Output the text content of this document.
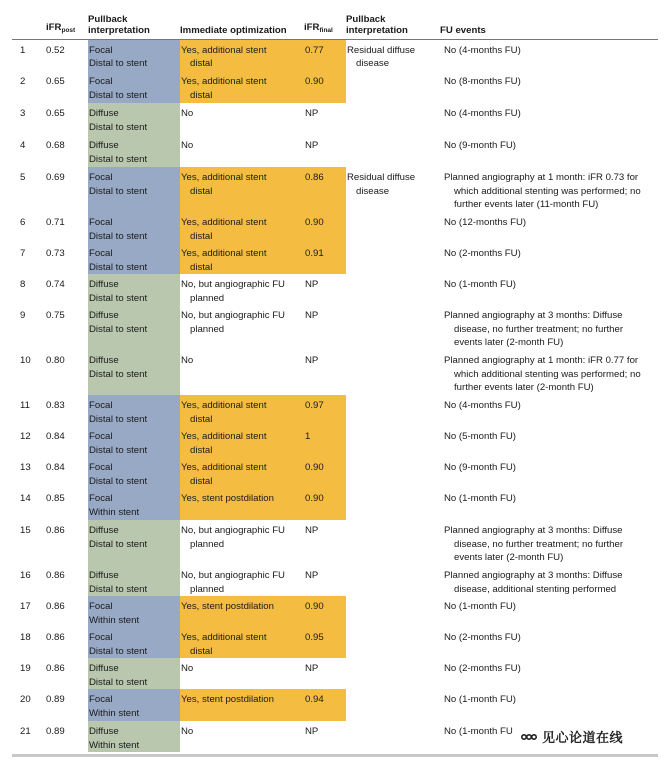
	iFR$_{post}$	Pullback interpretation	Immediate optimization	iFR$_{final}$	Pullback interpretation	FU events
1	0.52	Focal
Distal to stent	Yes, additional stent
distal	0.77	Residual diffuse
disease	No (4-months FU)
2	0.65	Focal
Distal to stent	Yes, additional stent
distal	0.90		No (8-months FU)
3	0.65	Diffuse
Distal to stent	No	NP		No (4-months FU)
4	0.68	Diffuse
Distal to stent	No	NP		No (9-month FU)
5	0.69	Focal
Distal to stent	Yes, additional stent
distal	0.86	Residual diffuse
disease	Planned angiography at 1 month: iFR 0.73 for
which additional stenting was performed; no
further events later (11-month FU)

6	0.71	Focal
Distal to stent	Yes, additional stent
distal	0.90		No (12-months FU)
7	0.73	Focal
Distal to stent	Yes, additional stent
distal	0.91		No (2-months FU)
8	0.74	Diffuse
Distal to stent	No, but angiographic FU
planned	NP		No (1-month FU)
9	0.75	Diffuse
Distal to stent	No, but angiographic FU
planned	NP		Planned angiography at 3 months: Diffuse
disease, no further treatment; no further
events later (2-month FU)

10	0.80	Diffuse
Distal to stent	No	NP		Planned angiography at 1 month: iFR 0.77 for
which additional stenting was performed; no
further events later (2-month FU)

11	0.83	Focal
Distal to stent	Yes, additional stent
distal	0.97		No (4-months FU)
12	0.84	Focal
Distal to stent	Yes, additional stent
distal	1		No (5-month FU)
13	0.84	Focal
Distal to stent	Yes, additional stent
distal	0.90		No (9-month FU)
14	0.85	Focal
Within stent	Yes, stent postdilation	0.90		No (1-month FU)
15	0.86	Diffuse
Distal to stent	No, but angiographic FU
planned	NP		Planned angiography at 3 months: Diffuse
disease, no further treatment; no further
events later (2-month FU)

16	0.86	Diffuse
Distal to stent	No, but angiographic FU
planned	NP		Planned angiography at 3 months: Diffuse
disease, additional stenting performed

17	0.86	Focal
Within stent	Yes, stent postdilation	0.90		No (1-month FU)
18	0.86	Focal
Distal to stent	Yes, additional stent
distal	0.95		No (2-months FU)
19	0.86	Diffuse
Distal to stent	No	NP		No (2-months FU)
20	0.89	Focal
Within stent	Yes, stent postdilation	0.94		No (1-month FU)
21	0.89	Diffuse
Within stent	No	NP		No (1-month FU 见心论道在线
